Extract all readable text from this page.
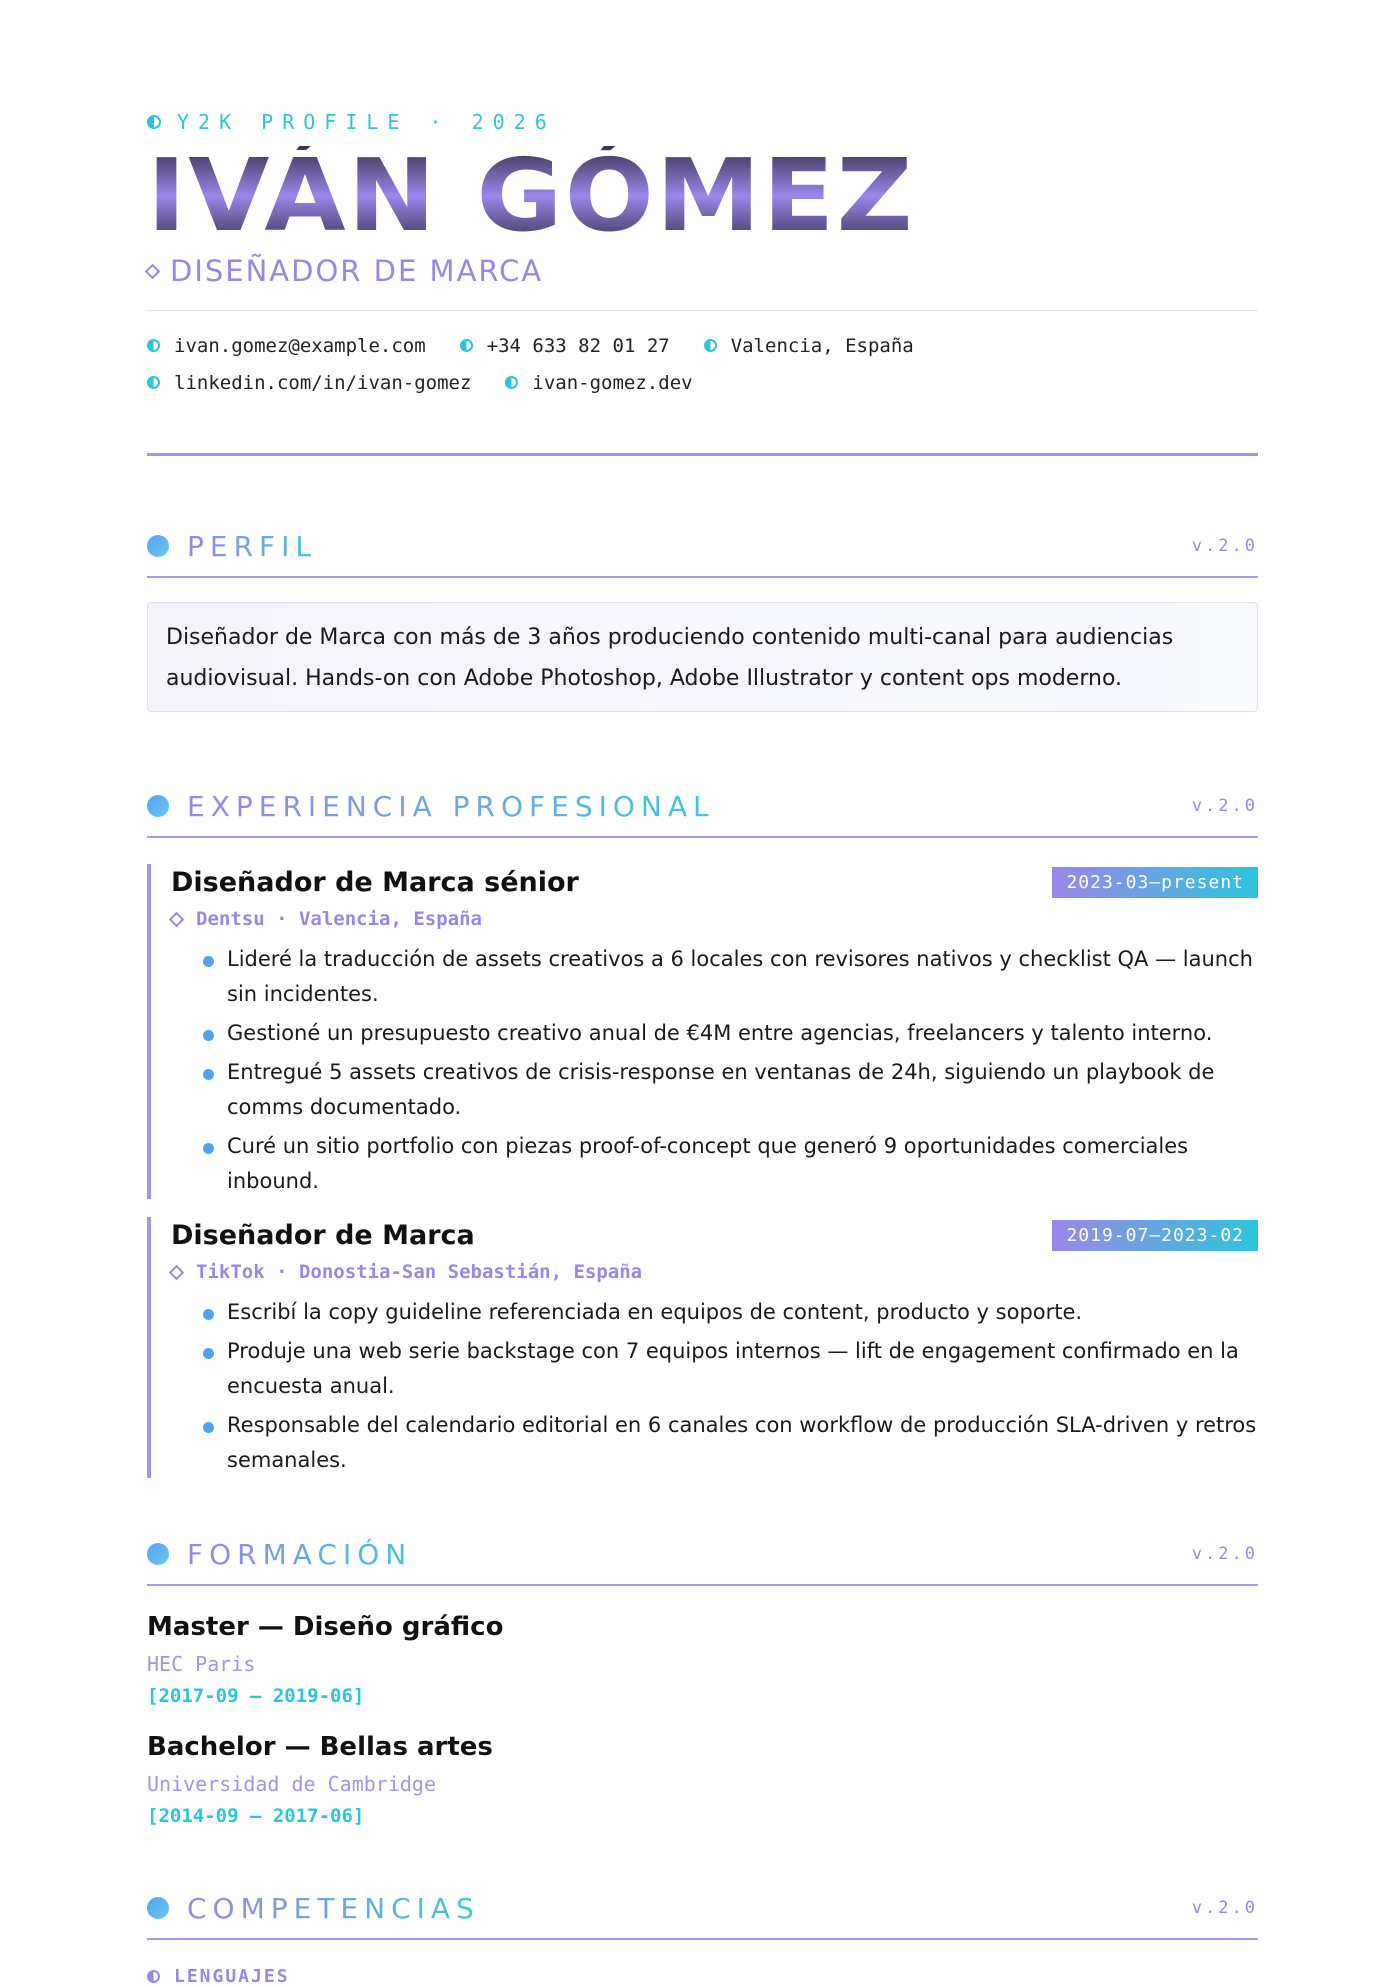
Y2K PROFILE · 2026
IVÁN GÓMEZ
DISEÑADOR DE MARCA
ivan.gomez@example.com	+34 633 82 01 27	Valencia, España
linkedin.com/in/ivan-gomez	ivan-gomez.dev
PERFIL	v.2.0
Diseñador de Marca con más de 3 años produciendo contenido multi-canal para audiencias audiovisual. Hands-on con Adobe Photoshop, Adobe Illustrator y content ops moderno.
EXPERIENCIA PROFESIONAL	v.2.0
Diseñador de Marca sénior	2023-03—present
Dentsu · Valencia, España
Lideré la traducción de assets creativos a 6 locales con revisores nativos y checklist QA — launch sin incidentes.
Gestioné un presupuesto creativo anual de €4M entre agencias, freelancers y talento interno.
Entregué 5 assets creativos de crisis-response en ventanas de 24h, siguiendo un playbook de comms documentado.
Curé un sitio portfolio con piezas proof-of-concept que generó 9 oportunidades comerciales inbound.
Diseñador de Marca	2019-07—2023-02
TikTok · Donostia-San Sebastián, España
Escribí la copy guideline referenciada en equipos de content, producto y soporte.
Produje una web serie backstage con 7 equipos internos — lift de engagement confirmado en la encuesta anual.
Responsable del calendario editorial en 6 canales con workflow de producción SLA-driven y retros semanales.
FORMACIÓN	v.2.0
Master — Diseño gráfico
HEC Paris
[2017-09 – 2019-06]
Bachelor — Bellas artes
Universidad de Cambridge
[2014-09 – 2017-06]
COMPETENCIAS	v.2.0
LENGUAJES
